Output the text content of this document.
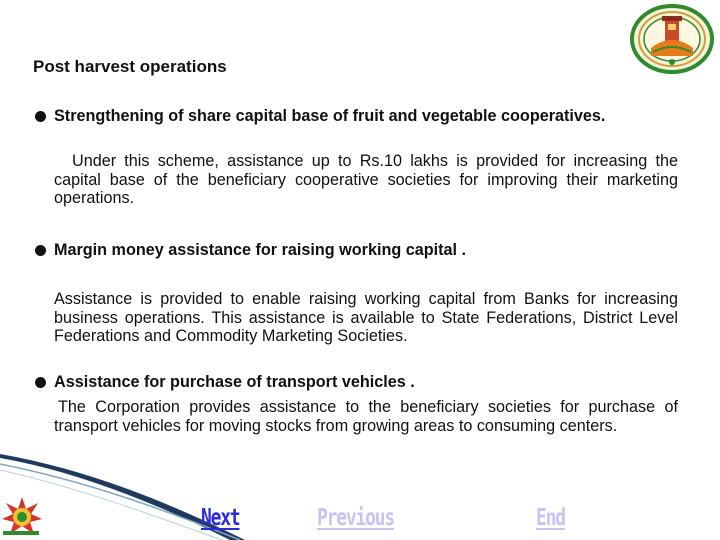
Post harvest operations
Strengthening of share capital base of fruit and vegetable cooperatives.
Under this scheme, assistance up to Rs.10 lakhs is provided for increasing the capital base of the beneficiary cooperative societies for improving their marketing operations.
Margin money assistance for raising working capital .
Assistance is provided to enable raising working capital from Banks for increasing business operations. This assistance is available to State Federations, District Level Federations and Commodity Marketing Societies.
Assistance for purchase of transport vehicles .
The Corporation provides assistance to the beneficiary societies for purchase of transport vehicles for moving stocks from growing areas to consuming centers.
Next	Previous	End
